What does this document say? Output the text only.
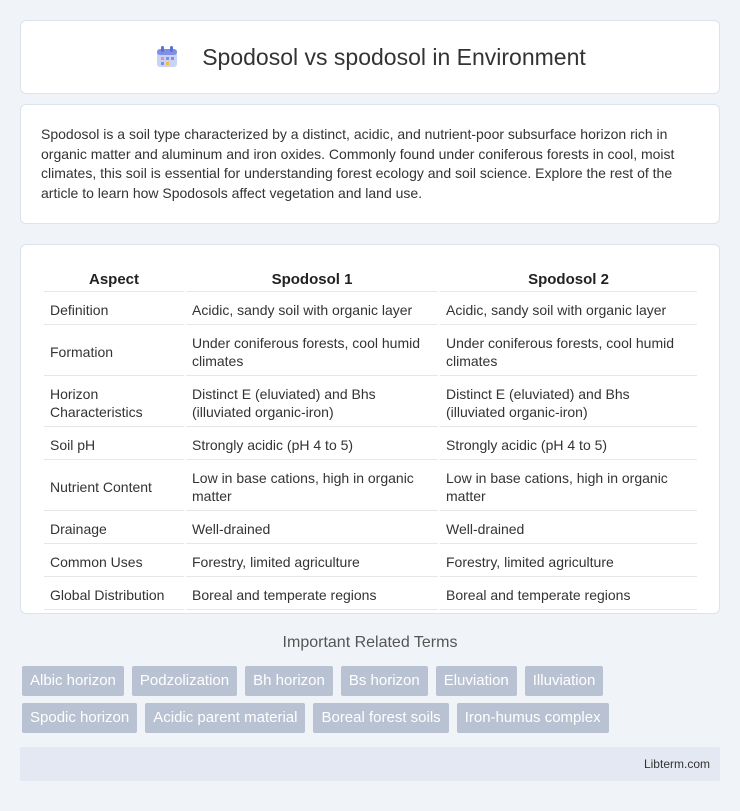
Spodosol vs spodosol in Environment

Spodosol is a soil type characterized by a distinct, acidic, and nutrient-poor subsurface horizon rich in organic matter and aluminum and iron oxides. Commonly found under coniferous forests in cool, moist climates, this soil is essential for understanding forest ecology and soil science. Explore the rest of the article to learn how Spodosols affect vegetation and land use.

Aspect	Spodosol 1	Spodosol 2
Definition	Acidic, sandy soil with organic layer	Acidic, sandy soil with organic layer
Formation	Under coniferous forests, cool humid climates	Under coniferous forests, cool humid climates
Horizon Characteristics	Distinct E (eluviated) and Bhs (illuviated organic-iron)	Distinct E (eluviated) and Bhs (illuviated organic-iron)
Soil pH	Strongly acidic (pH 4 to 5)	Strongly acidic (pH 4 to 5)
Nutrient Content	Low in base cations, high in organic matter	Low in base cations, high in organic matter
Drainage	Well-drained	Well-drained
Common Uses	Forestry, limited agriculture	Forestry, limited agriculture
Global Distribution	Boreal and temperate regions	Boreal and temperate regions
Important Related Terms
Albic horizon	Podzolization	Bh horizon	Bs horizon	Eluviation	Illuviation
Spodic horizon	Acidic parent material	Boreal forest soils	Iron-humus complex
Libterm.com
